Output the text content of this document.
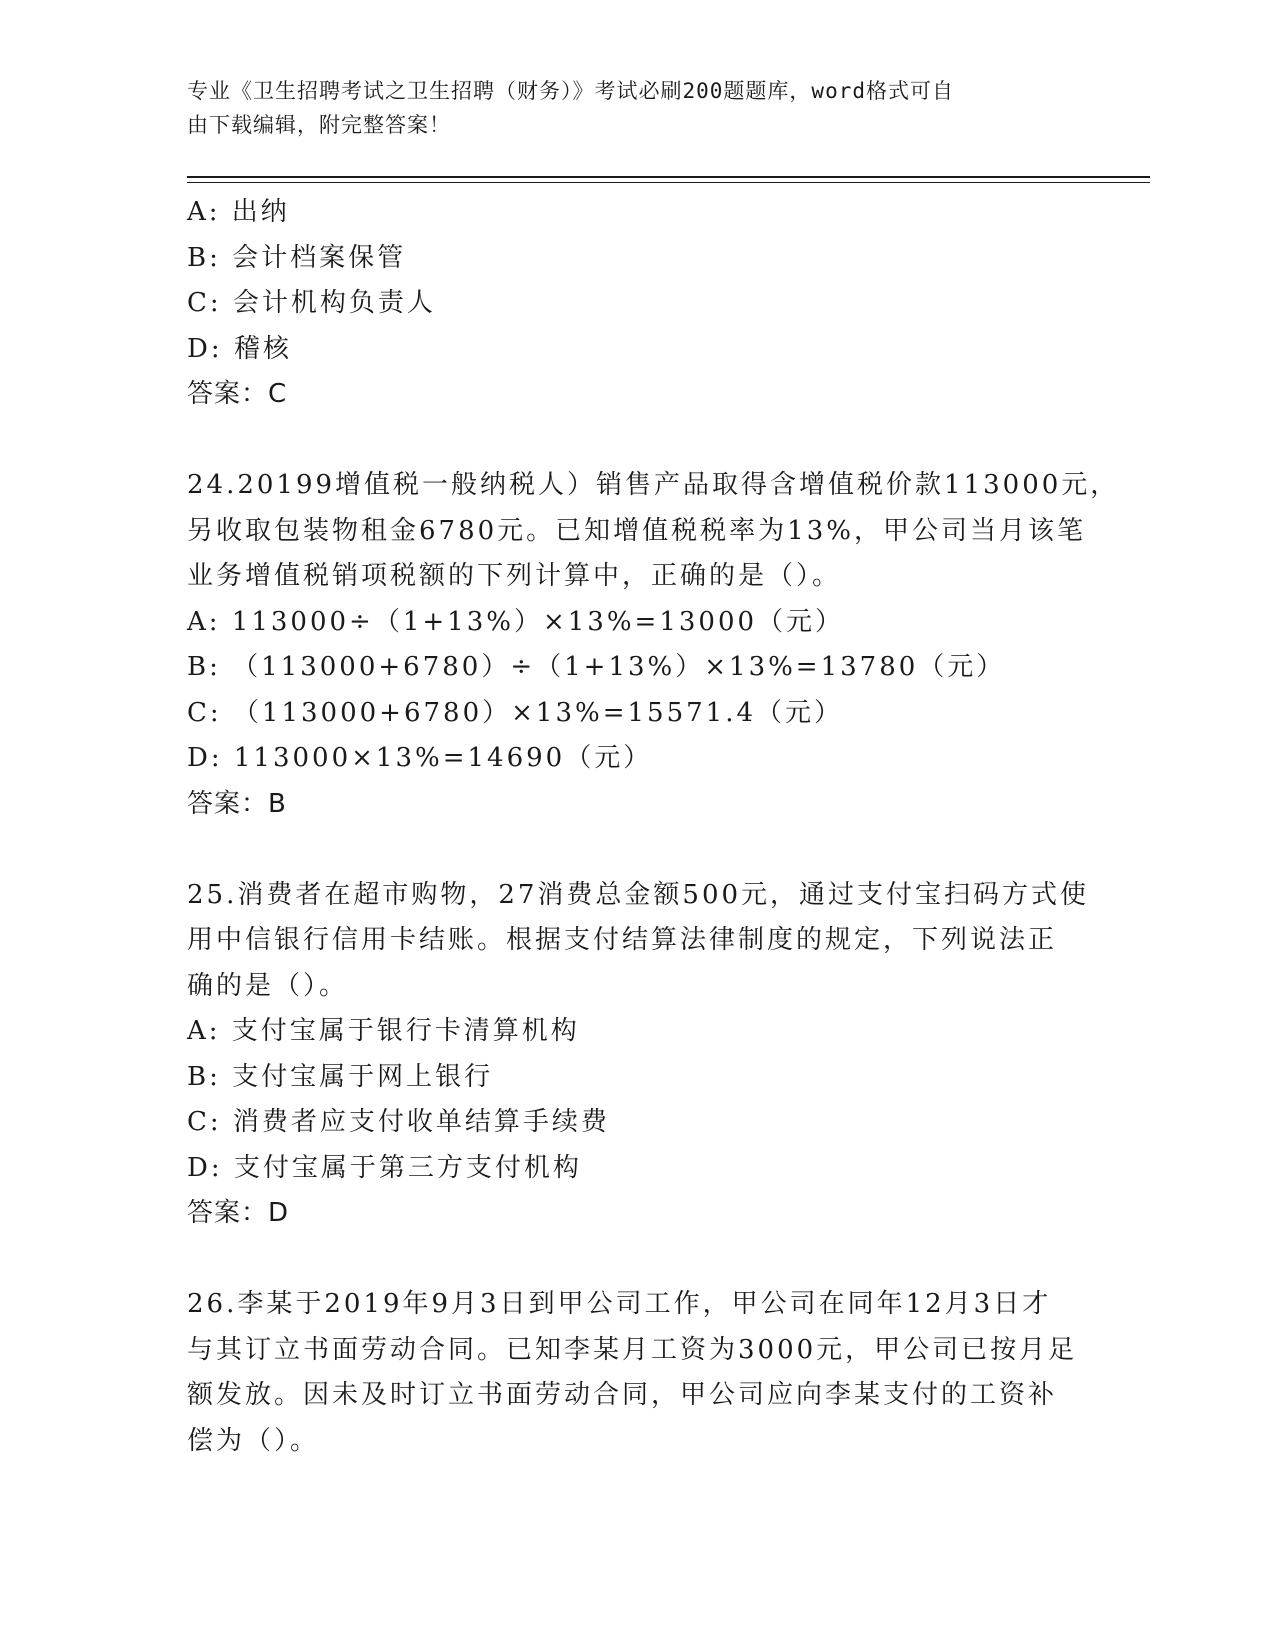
专业《卫生招聘考试之卫生招聘（财务）》考试必刷200题题库，word格式可自
由下载编辑，附完整答案！

A: 出纳

B: 会计档案保管

C: 会计机构负责人

D: 稽核

答案：C

24.20199增值税一般纳税人）销售产品取得含增值税价款113000元，

另收取包装物租金6780元。已知增值税税率为13%，甲公司当月该笔

业务增值税销项税额的下列计算中，正确的是（）。

A: 113000÷（1+13%）×13%=13000（元）

B: （113000+6780）÷（1+13%）×13%=13780（元）

C: （113000+6780）×13%=15571.4（元）

D: 113000×13%=14690（元）

答案：B

25.消费者在超市购物，27消费总金额500元，通过支付宝扫码方式使

用中信银行信用卡结账。根据支付结算法律制度的规定，下列说法正

确的是（）。

A: 支付宝属于银行卡清算机构

B: 支付宝属于网上银行

C: 消费者应支付收单结算手续费

D: 支付宝属于第三方支付机构

答案：D

26.李某于2019年9月3日到甲公司工作，甲公司在同年12月3日才

与其订立书面劳动合同。已知李某月工资为3000元，甲公司已按月足

额发放。因未及时订立书面劳动合同，甲公司应向李某支付的工资补

偿为（）。
